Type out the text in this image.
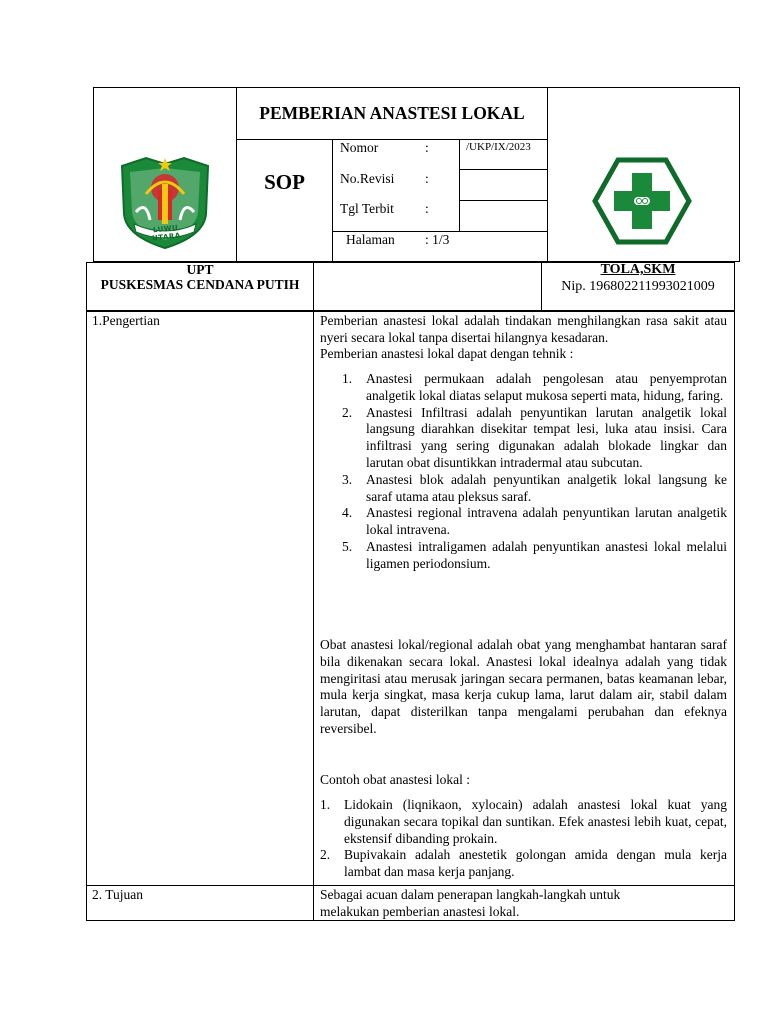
LUWU UTARA
PEMBERIAN ANASTESI LOKAL
SOP
Nomor	:	/UKP/IX/2023
No.Revisi :
Tgl Terbit :
Halaman : 1/3
UPT
PUSKESMAS CENDANA PUTIH
TOLA,SKM
Nip. 196802211993021009
1.Pengertian	Pemberian anastesi lokal adalah tindakan menghilangkan rasa sakit atau nyeri secara lokal tanpa disertai hilangnya kesadaran.
Pemberian anastesi lokal dapat dengan tehnik :
1. Anastesi permukaan adalah pengolesan atau penyemprotan analgetik lokal diatas selaput mukosa seperti mata, hidung, faring.
2. Anastesi Infiltrasi adalah penyuntikan larutan analgetik lokal langsung diarahkan disekitar tempat lesi, luka atau insisi. Cara infiltrasi yang sering digunakan adalah blokade lingkar dan larutan obat disuntikkan intradermal atau subcutan.
3. Anastesi blok adalah penyuntikan analgetik lokal langsung ke saraf utama atau pleksus saraf.
4. Anastesi regional intravena adalah penyuntikan larutan analgetik lokal intravena.
5. Anastesi intraligamen adalah penyuntikan anastesi lokal melalui ligamen periodonsium.
Obat anastesi lokal/regional adalah obat yang menghambat hantaran saraf bila dikenakan secara lokal. Anastesi lokal idealnya adalah yang tidak mengiritasi atau merusak jaringan secara permanen, batas keamanan lebar, mula kerja singkat, masa kerja cukup lama, larut dalam air, stabil dalam larutan, dapat disterilkan tanpa mengalami perubahan dan efeknya reversibel.
Contoh obat anastesi lokal :
1. Lidokain (liqnikaon, xylocain) adalah anastesi lokal kuat yang digunakan secara topikal dan suntikan. Efek anastesi lebih kuat, cepat, ekstensif dibanding prokain.
2. Bupivakain adalah anestetik golongan amida dengan mula kerja lambat dan masa kerja panjang.
2. Tujuan	Sebagai acuan dalam penerapan langkah-langkah untuk melakukan pemberian anastesi lokal.
